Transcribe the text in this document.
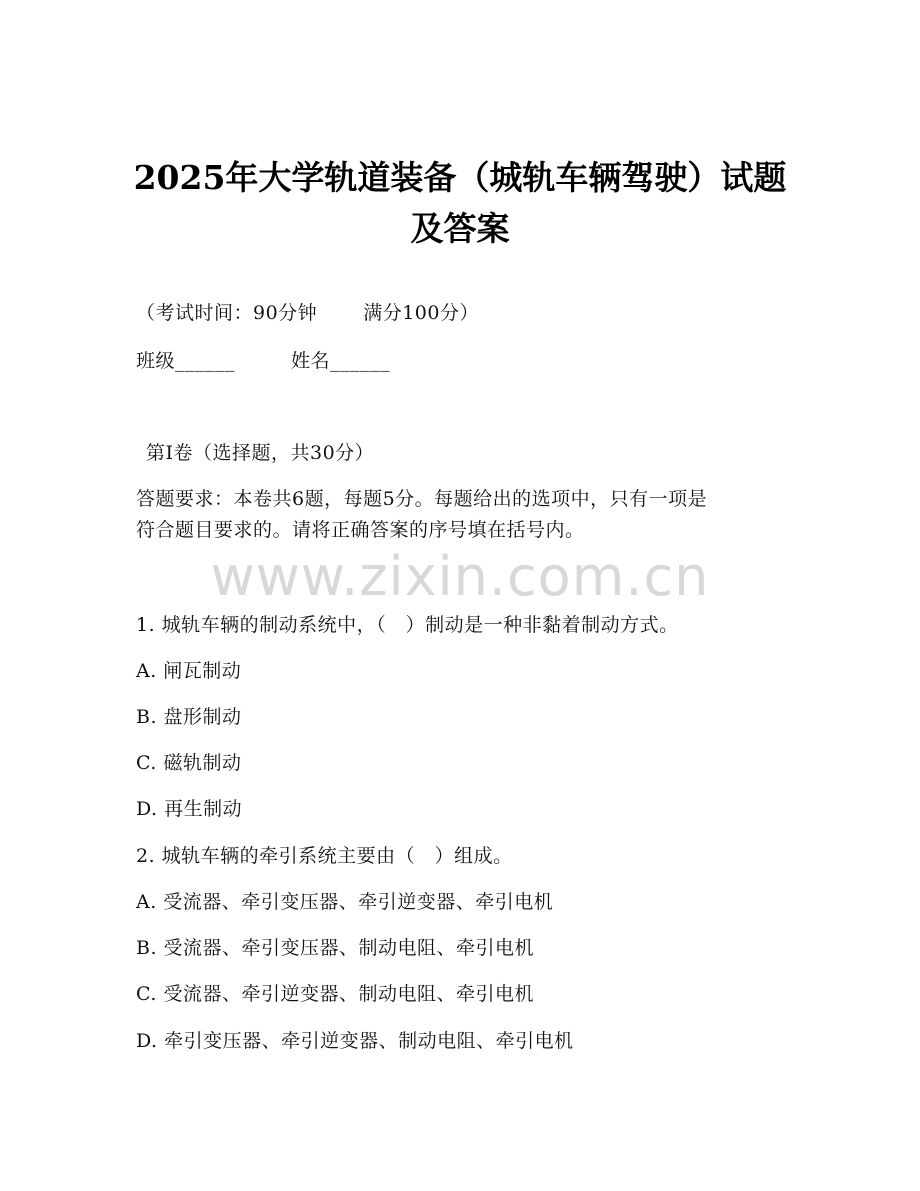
2025年大学轨道装备（城轨车辆驾驶）试题
及答案
（考试时间：90分钟 满分100分）
班级______	姓名______
第I卷（选择题，共30分）
答题要求：本卷共6题，每题5分。每题给出的选项中，只有一项是
符合题目要求的。请将正确答案的序号填在括号内。
www.zixin.com.cn
1. 城轨车辆的制动系统中，（　）制动是一种非黏着制动方式。
A. 闸瓦制动
B. 盘形制动
C. 磁轨制动
D. 再生制动
2. 城轨车辆的牵引系统主要由（　）组成。
A. 受流器、牵引变压器、牵引逆变器、牵引电机
B. 受流器、牵引变压器、制动电阻、牵引电机
C. 受流器、牵引逆变器、制动电阻、牵引电机
D. 牵引变压器、牵引逆变器、制动电阻、牵引电机
